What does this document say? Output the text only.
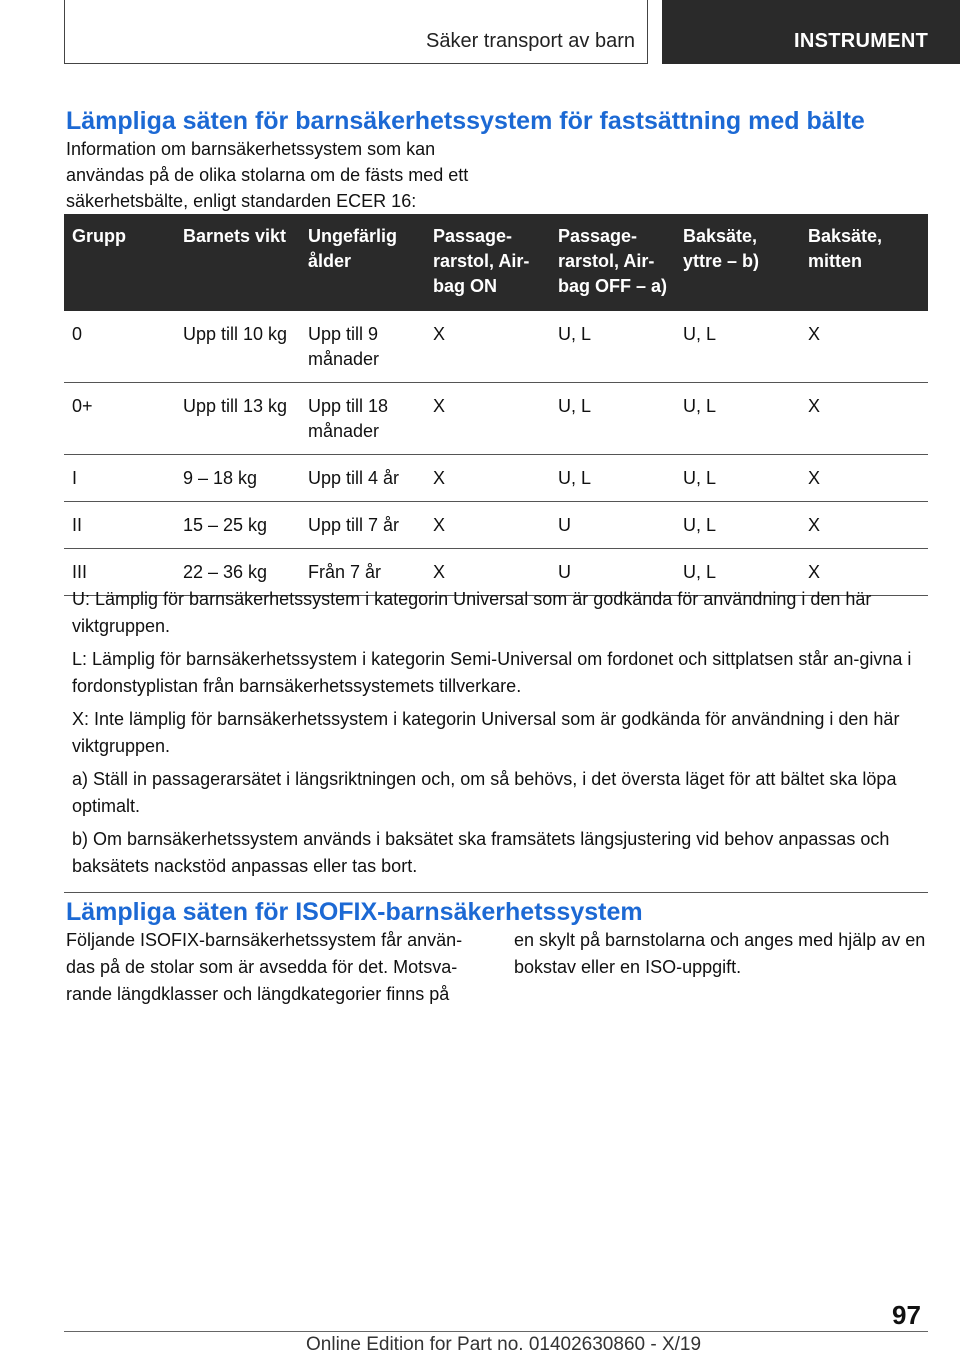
Säker transport av barn	INSTRUMENT
Lämpliga säten för barnsäkerhetssystem för fastsättning med bälte

Information om barnsäkerhetssystem som kan användas på de olika stolarna om de fästs med ett säkerhetsbälte, enligt standarden ECER 16:

Grupp	Barnets vikt	Ungefärlig ålder	Passage-rarstol, Air-bag ON	Passage-rarstol, Air-bag OFF – a)	Baksäte, yttre – b)	Baksäte, mitten
0	Upp till 10 kg	Upp till 9 månader	X	U, L	U, L	X
0+	Upp till 13 kg	Upp till 18 månader	X	U, L	U, L	X
I	9 – 18 kg	Upp till 4 år	X	U, L	U, L	X
II	15 – 25 kg	Upp till 7 år	X	U	U, L	X
III	22 – 36 kg	Från 7 år	X	U	U, L	X

U: Lämplig för barnsäkerhetssystem i kategorin Universal som är godkända för användning i den här viktgruppen.

L: Lämplig för barnsäkerhetssystem i kategorin Semi-Universal om fordonet och sittplatsen står an-givna i fordonstyplistan från barnsäkerhetssystemets tillverkare.

X: Inte lämplig för barnsäkerhetssystem i kategorin Universal som är godkända för användning i den här viktgruppen.

a) Ställ in passagerarsätet i längsriktningen och, om så behövs, i det översta läget för att bältet ska löpa optimalt.

b) Om barnsäkerhetssystem används i baksätet ska framsätets längsjustering vid behov anpassas och baksätets nackstöd anpassas eller tas bort.

Lämpliga säten för ISOFIX-barnsäkerhetssystem

Följande ISOFIX-barnsäkerhetssystem får använ-das på de stolar som är avsedda för det. Motsva-rande längdklasser och längdkategorier finns på

en skylt på barnstolarna och anges med hjälp av en bokstav eller en ISO-uppgift.

97
Online Edition for Part no. 01402630860 - X/19
